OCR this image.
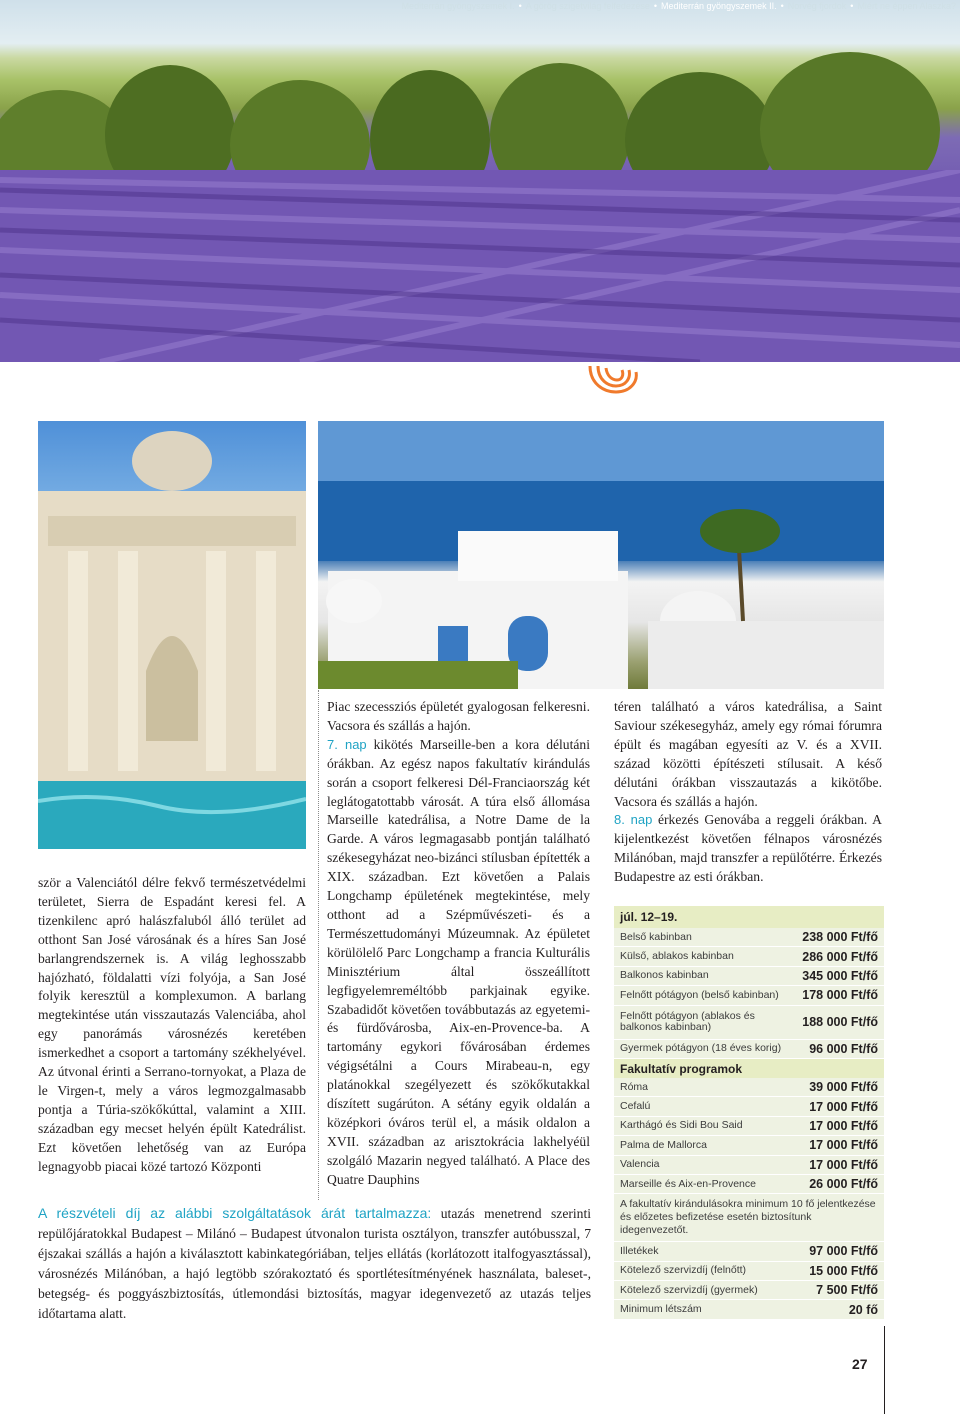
Mediterrán gyöngyszemek I. • A görög szigetvilág felfedezése • Mediterrán gyöngyszemek II. • Norvég fjordok • Miért ne éppen Alaszka?

ször a Valenciától délre fekvő természetvédelmi területet, Sierra de Espadánt keresi fel. A tizenkilenc apró halászfaluból álló terület ad otthont San José városának és a híres San José barlangrendszernek is. A világ leghosszabb hajózható, földalatti vízi folyója, a San José folyik keresztül a komplexumon. A barlang megtekintése után visszautazás Valenciába, ahol egy panorámás városnézés keretében ismerkedhet a csoport a tartomány székhelyével. Az útvonal érinti a Serrano-tornyokat, a Plaza de le Virgen-t, mely a város legmozgalmasabb pontja a Túria-szökőkúttal, valamint a XIII. században egy mecset helyén épült Katedrálist. Ezt követően lehetőség van az Európa legnagyobb piacai közé tartozó Központi

Piac szecessziós épületét gyalogosan felkeresni. Vacsora és szállás a hajón.

7. nap kikötés Marseille-ben a kora délutáni órákban. Az egész napos fakultatív kirándulás során a csoport felkeresi Dél-Franciaország két leglátogatottabb városát. A túra első állomása Marseille katedrálisa, a Notre Dame de la Garde. A város legmagasabb pontján található székesegyházat neo-bizánci stílusban építették a XIX. században. Ezt követően a Palais Longchamp épületének megtekintése, mely otthont ad a Szépművészeti- és a Természettudományi Múzeumnak. Az épületet körülölelő Parc Longchamp a francia Kulturális Minisztérium által összeállított legfigyelemreméltóbb parkjainak egyike. Szabadidőt követően továbbutazás az egyetemi- és fürdővárosba, Aix-en-Provence-ba. A tartomány egykori fővárosában érdemes végigsétálni a Cours Mirabeau-n, egy platánokkal szegélyezett és szökőkutakkal díszített sugárúton. A sétány egyik oldalán a középkori óváros terül el, a másik oldalon a XVII. században az arisztokrácia lakhelyéül szolgáló Mazarin negyed található. A Place des Quatre Dauphins

téren található a város katedrálisa, a Saint Saviour székesegyház, amely egy római fórumra épült és magában egyesíti az V. és a XVII. század közötti építészeti stílusait. A késő délutáni órákban visszautazás a kikötőbe. Vacsora és szállás a hajón.

8. nap érkezés Genovába a reggeli órákban. A kijelentkezést követően félnapos városnézés Milánóban, majd transzfer a repülőtérre. Érkezés Budapestre az esti órákban.

júl. 12–19.
Belső kabinban	238 000 Ft/fő
Külső, ablakos kabinban	286 000 Ft/fő
Balkonos kabinban	345 000 Ft/fő
Felnőtt pótágyon (belső kabinban) 178 000 Ft/fő
Felnőtt pótágyon (ablakos és balkonos kabinban)	188 000 Ft/fő
Gyermek pótágyon (18 éves korig) 96 000 Ft/fő
Fakultatív programok
Róma	39 000 Ft/fő
Cefalú	17 000 Ft/fő
Karthágó és Sidi Bou Said	17 000 Ft/fő
Palma de Mallorca	17 000 Ft/fő
Valencia	17 000 Ft/fő
Marseille és Aix-en-Provence	26 000 Ft/fő
A fakultatív kirándulásokra minimum 10 fő jelentkezése és előzetes befizetése esetén biztosítunk idegenvezetőt.
Illetékek	97 000 Ft/fő
Kötelező szervizdíj (felnőtt)	15 000 Ft/fő
Kötelező szervizdíj (gyermek)	7 500 Ft/fő
Minimum létszám	20 fő
A részvételi díj az alábbi szolgáltatások árát tartalmazza: utazás menetrend szerinti repülőjáratokkal Budapest – Milánó – Budapest útvonalon turista osztályon, transzfer autóbusszal, 7 éjszakai szállás a hajón a kiválasztott kabinkategóriában, teljes ellátás (korlátozott italfogyasztással), városnézés Milánóban, a hajó legtöbb szórakoztató és sportlétesítményének használata, baleset-, betegség- és poggyászbiztosítás, útlemondási biztosítás, magyar idegenvezető az utazás teljes időtartama alatt.
27
